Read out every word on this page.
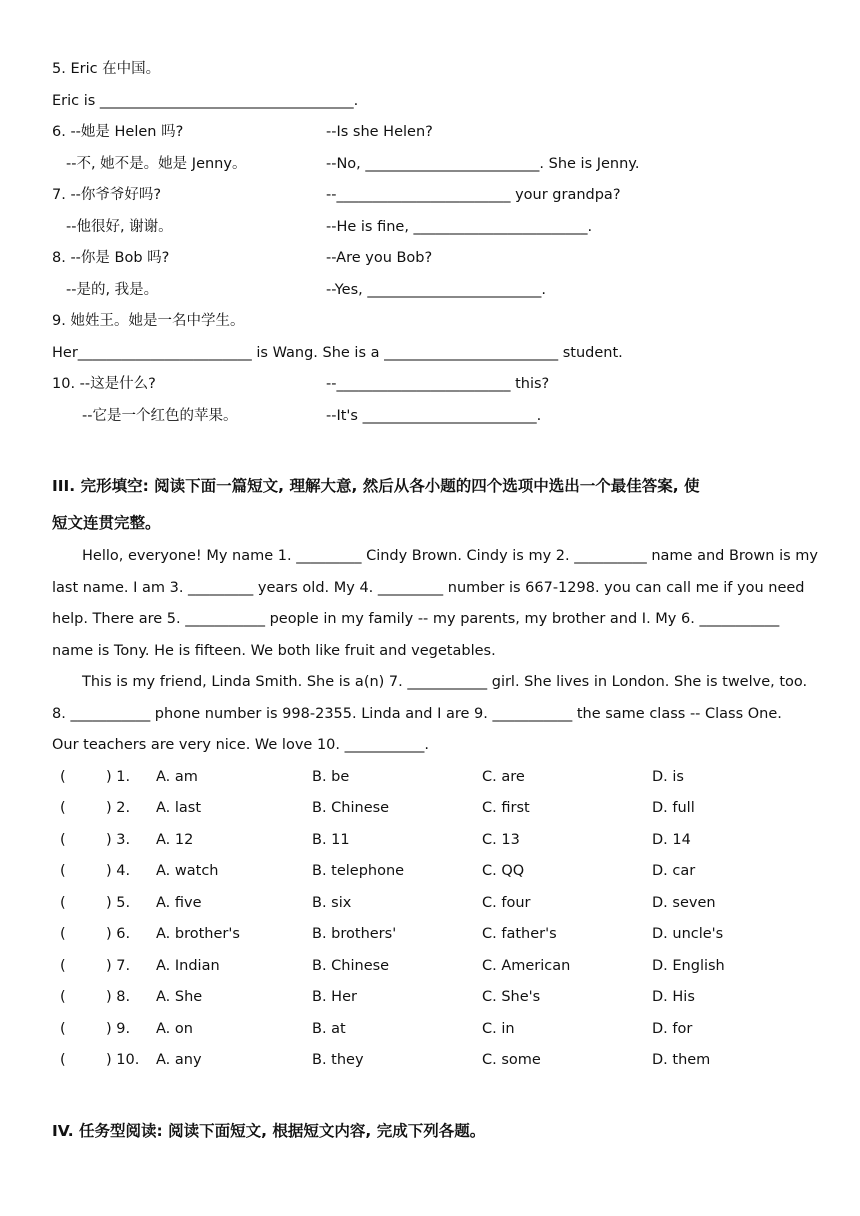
5. Eric 在中国。
Eric is ___________________________________.
6. --她是 Helen 吗?	--Is she Helen?
--不, 她不是。她是 Jenny。	--No, ________________________. She is Jenny.
7. --你爷爷好吗?	--________________________ your grandpa?
--他很好, 谢谢。	--He is fine, ________________________.
8. --你是 Bob 吗?	--Are you Bob?
--是的, 我是。	--Yes, ________________________.
9. 她姓王。她是一名中学生。
Her________________________ is Wang. She is a ________________________ student.
10. --这是什么?	--________________________ this?
--它是一个红色的苹果。	--It's ________________________.
III. 完形填空: 阅读下面一篇短文, 理解大意, 然后从各小题的四个选项中选出一个最佳答案, 使
短文连贯完整。
Hello, everyone! My name 1. _________ Cindy Brown. Cindy is my 2. __________ name and Brown is my
last name. I am 3. _________ years old. My 4. _________ number is 667-1298. you can call me if you need
help. There are 5. ___________ people in my family -- my parents, my brother and I. My 6. ___________
name is Tony. He is fifteen. We both like fruit and vegetables.
This is my friend, Linda Smith. She is a(n) 7. ___________ girl. She lives in London. She is twelve, too.
8. ___________ phone number is 998-2355. Linda and I are 9. ___________ the same class -- Class One.
Our teachers are very nice. We love 10. ___________.
(	) 1. A. am	B. be	C. are	D. is
(	) 2. A. last	B. Chinese	C. first	D. full
(	) 3. A. 12	B. 11	C. 13	D. 14
(	) 4. A. watch	B. telephone	C. QQ	D. car
(	) 5. A. five	B. six	C. four	D. seven
(	) 6. A. brother's	B. brothers'	C. father's	D. uncle's
(	) 7. A. Indian	B. Chinese	C. American	D. English
(	) 8. A. She	B. Her	C. She's	D. His
(	) 9. A. on	B. at	C. in	D. for
(	) 10. A. any	B. they	C. some	D. them
IV. 任务型阅读: 阅读下面短文, 根据短文内容, 完成下列各题。
